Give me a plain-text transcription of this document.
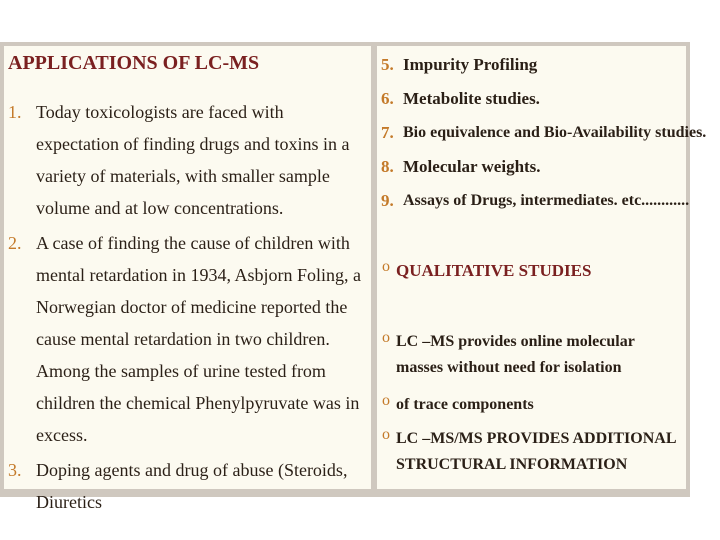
APPLICATIONS OF LC-MS
1. Today toxicologists are faced with expectation of finding drugs and toxins in a variety of materials, with smaller sample volume and at low concentrations.
2. A case of finding the cause of children with mental retardation in 1934, Asbjorn Foling, a Norwegian doctor of medicine reported the cause mental retardation in two children. Among the samples of urine tested from children the chemical Phenylpyruvate was in excess.
3. Doping agents and drug of abuse (Steroids, Diuretics
5. Impurity Profiling
6. Metabolite studies.
7. Bio equivalence and Bio-Availability studies.
8. Molecular weights.
9. Assays of Drugs, intermediates. etc............
o QUALITATIVE STUDIES
o LC –MS provides online molecular masses without need for isolation
o of trace components
o LC –MS/MS PROVIDES ADDITIONAL STRUCTURAL INFORMATION
